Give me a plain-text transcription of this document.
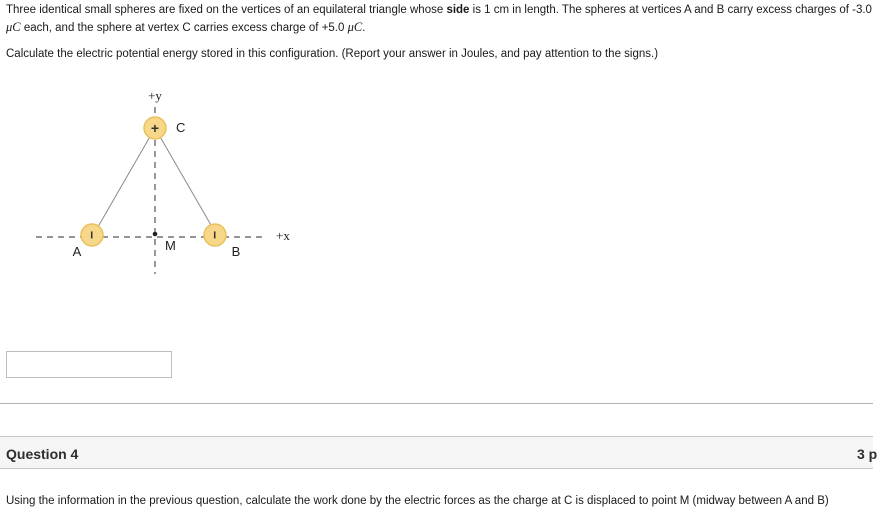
Three identical small spheres are fixed on the vertices of an equilateral triangle whose side is 1 cm in length. The spheres at vertices A and B carry excess charges of -3.0
μC each, and the sphere at vertex C carries excess charge of +5.0 μC.
Calculate the electric potential energy stored in this configuration. (Report your answer in Joules, and pay attention to the signs.)
M
+ C
−
A
−
B
+y
+x
Question 4	3 p
Using the information in the previous question, calculate the work done by the electric forces as the charge at C is displaced to point M (midway between A and B)
